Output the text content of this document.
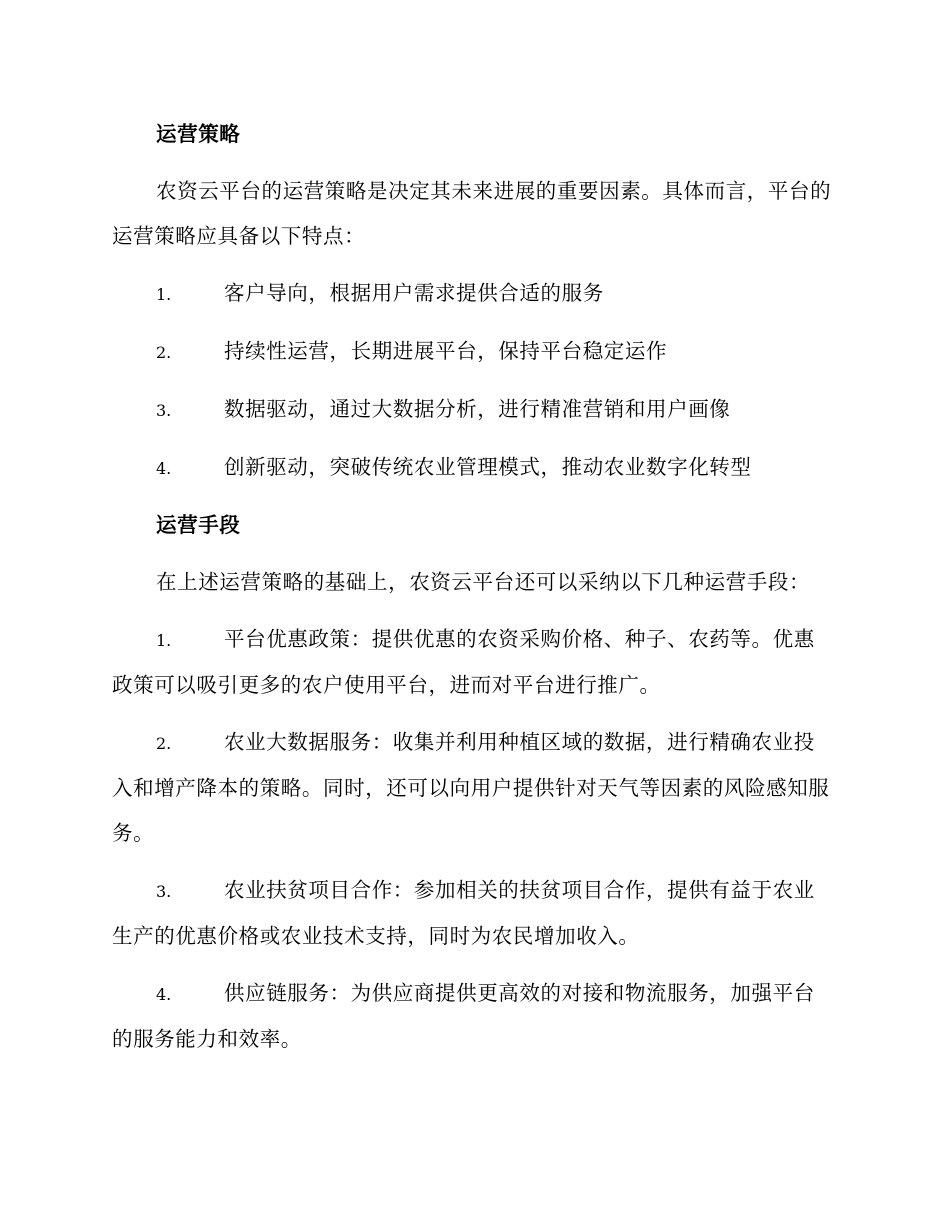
运营策略

农资云平台的运营策略是决定其未来进展的重要因素。具体而言，平台的运营策略应具备以下特点：

1.	客户导向，根据用户需求提供合适的服务

2.	持续性运营，长期进展平台，保持平台稳定运作

3.	数据驱动，通过大数据分析，进行精准营销和用户画像

4.	创新驱动，突破传统农业管理模式，推动农业数字化转型

运营手段

在上述运营策略的基础上，农资云平台还可以采纳以下几种运营手段：

1.	平台优惠政策：提供优惠的农资采购价格、种子、农药等。优惠政策可以吸引更多的农户使用平台，进而对平台进行推广。

2.	农业大数据服务：收集并利用种植区域的数据，进行精确农业投入和增产降本的策略。同时，还可以向用户提供针对天气等因素的风险感知服务。

3.	农业扶贫项目合作：参加相关的扶贫项目合作，提供有益于农业生产的优惠价格或农业技术支持，同时为农民增加收入。

4.	供应链服务：为供应商提供更高效的对接和物流服务，加强平台的服务能力和效率。
